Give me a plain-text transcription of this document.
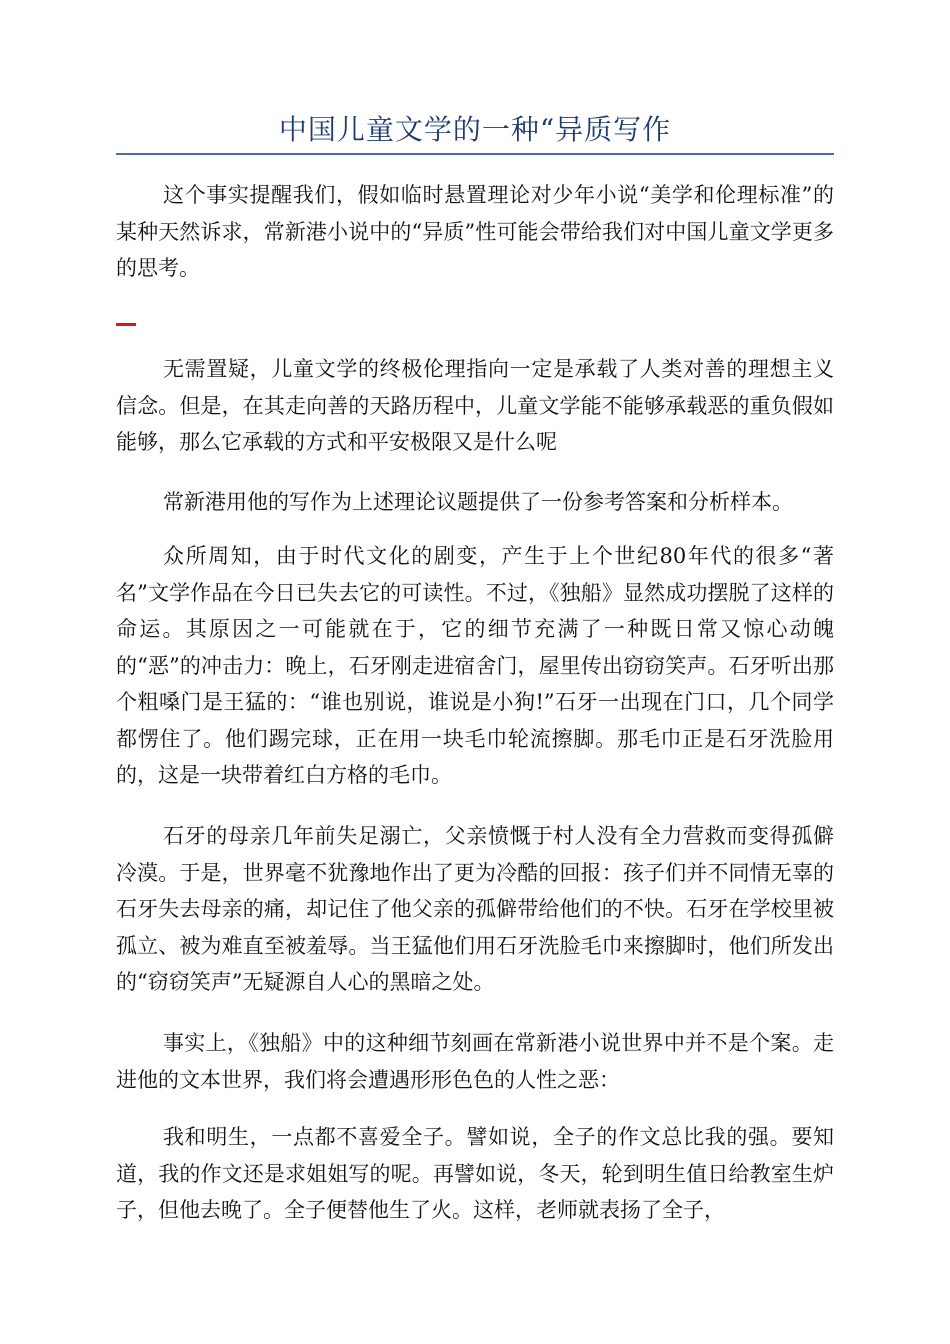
中国儿童文学的一种“异质写作

这个事实提醒我们，假如临时悬置理论对少年小说“美学和伦理标准”的某种天然诉求，常新港小说中的“异质”性可能会带给我们对中国儿童文学更多的思考。

无需置疑，儿童文学的终极伦理指向一定是承载了人类对善的理想主义信念。但是，在其走向善的天路历程中，儿童文学能不能够承载恶的重负假如能够，那么它承载的方式和平安极限又是什么呢

常新港用他的写作为上述理论议题提供了一份参考答案和分析样本。

众所周知，由于时代文化的剧变，产生于上个世纪80年代的很多“著名”文学作品在今日已失去它的可读性。不过，《独船》显然成功摆脱了这样的命运。其原因之一可能就在于，它的细节充满了一种既日常又惊心动魄的“恶”的冲击力：晚上，石牙刚走进宿舍门，屋里传出窃窃笑声。石牙听出那个粗嗓门是王猛的：“谁也别说，谁说是小狗!”石牙一出现在门口，几个同学都愣住了。他们踢完球，正在用一块毛巾轮流擦脚。那毛巾正是石牙洗脸用的，这是一块带着红白方格的毛巾。

石牙的母亲几年前失足溺亡，父亲愤慨于村人没有全力营救而变得孤僻冷漠。于是，世界毫不犹豫地作出了更为冷酷的回报：孩子们并不同情无辜的石牙失去母亲的痛，却记住了他父亲的孤僻带给他们的不快。石牙在学校里被孤立、被为难直至被羞辱。当王猛他们用石牙洗脸毛巾来擦脚时，他们所发出的“窃窃笑声”无疑源自人心的黑暗之处。

事实上，《独船》中的这种细节刻画在常新港小说世界中并不是个案。走进他的文本世界，我们将会遭遇形形色色的人性之恶：

我和明生，一点都不喜爱全子。譬如说，全子的作文总比我的强。要知道，我的作文还是求姐姐写的呢。再譬如说，冬天，轮到明生值日给教室生炉子，但他去晚了。全子便替他生了火。这样，老师就表扬了全子，
